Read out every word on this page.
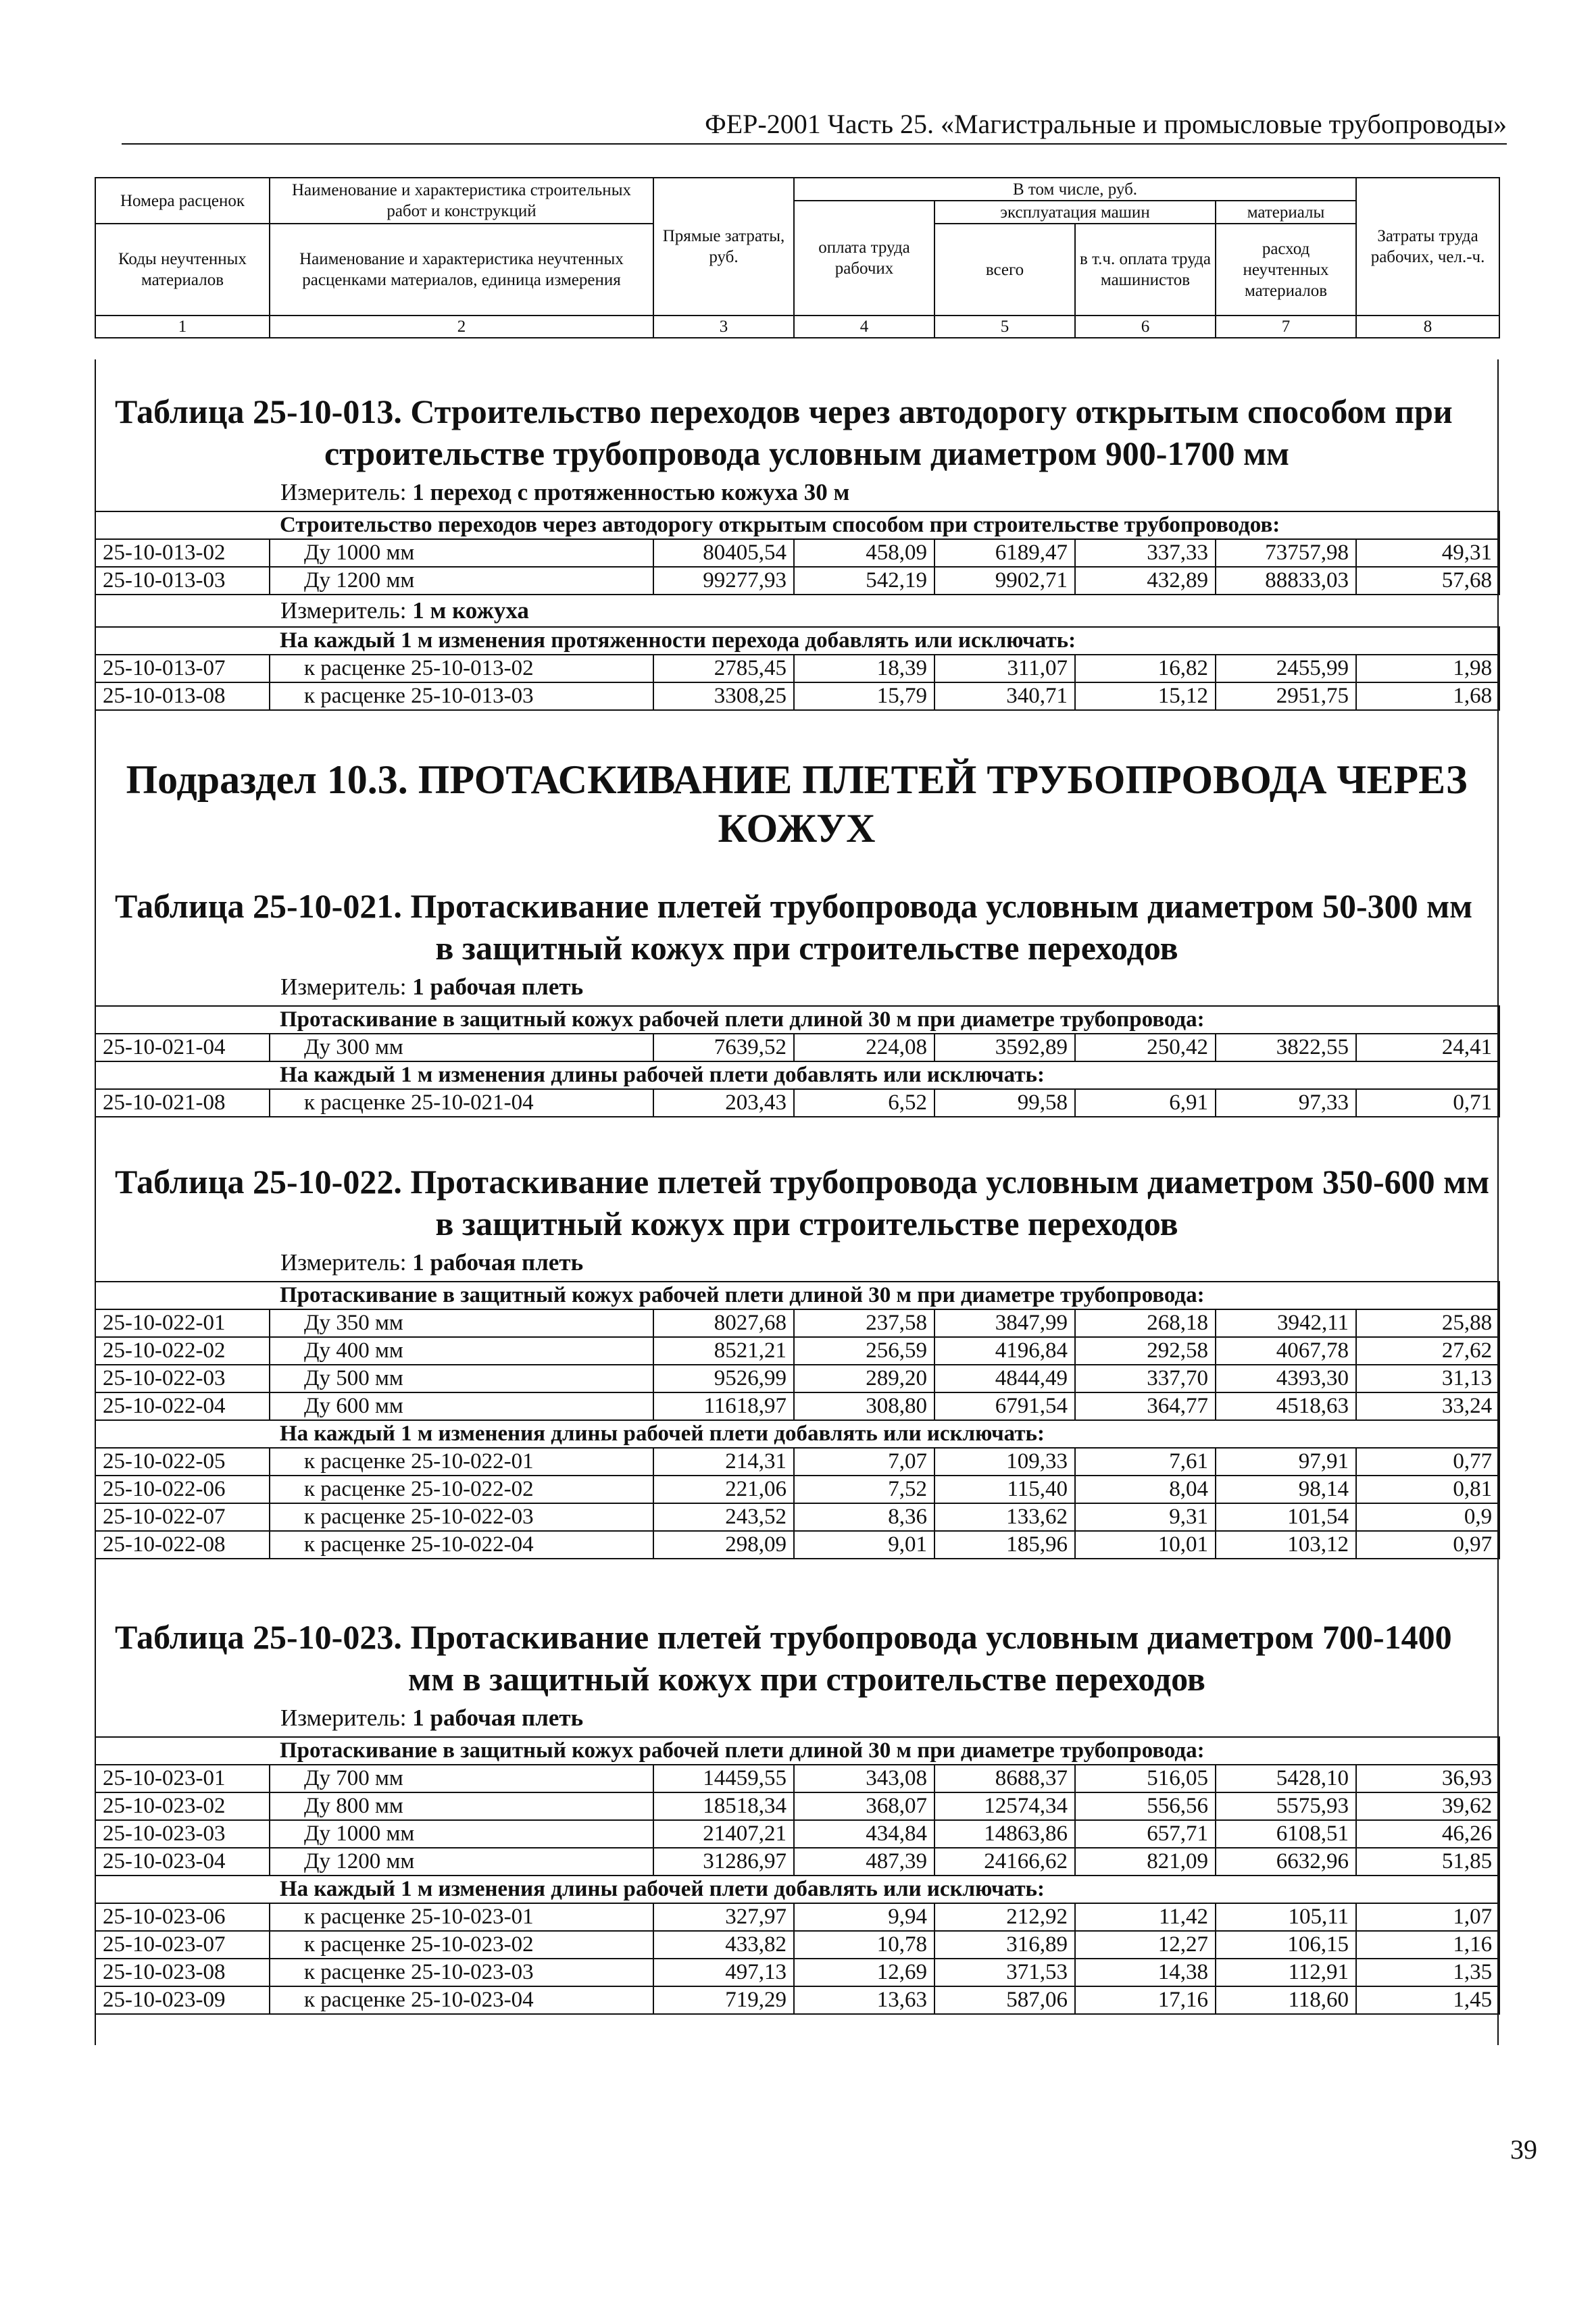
ФЕР-2001 Часть 25. «Магистральные и промысловые трубопроводы»
Номера расценок	Наименование и характеристика строительных работ и конструкций	Прямые затраты, руб.	В том числе, руб.				Затраты труда рабочих, чел.-ч.
			оплата труда рабочих	эксплуатация машин		материалы	
Коды неучтенных материалов	Наименование и характеристика неучтенных расценками материалов, единица измерения			всего	в т.ч. оплата труда машинистов	расход неучтенных материалов	

1	2	3	4	5	6	7	8
Таблица 25-10-013. Строительство переходов через автодорогу открытым способом при
строительстве трубопровода условным диаметром 900-1700 мм
Измеритель: 1 переход с протяженностью кожуха 30 м
Строительство переходов через автодорогу открытым способом при строительстве трубопроводов:							
25-10-013-02	Ду 1000 мм	80405,54	458,09	6189,47	337,33	73757,98	49,31
25-10-013-03	Ду 1200 мм	99277,93	542,19	9902,71	432,89	88833,03	57,68
Измеритель: 1 м кожуха
На каждый 1 м изменения протяженности перехода добавлять или исключать:							
25-10-013-07	к расценке 25-10-013-02	2785,45	18,39	311,07	16,82	2455,99	1,98
25-10-013-08	к расценке 25-10-013-03	3308,25	15,79	340,71	15,12	2951,75	1,68
Подраздел 10.3. ПРОТАСКИВАНИЕ ПЛЕТЕЙ ТРУБОПРОВОДА ЧЕРЕЗ КОЖУХ
Таблица 25-10-021. Протаскивание плетей трубопровода условным диаметром 50-300 мм
в защитный кожух при строительстве переходов
Измеритель: 1 рабочая плеть
Протаскивание в защитный кожух рабочей плети длиной 30 м при диаметре трубопровода:							
25-10-021-04	Ду 300 мм	7639,52	224,08	3592,89	250,42	3822,55	24,41
На каждый 1 м изменения длины рабочей плети добавлять или исключать:							
25-10-021-08	к расценке 25-10-021-04	203,43	6,52	99,58	6,91	97,33	0,71
Таблица 25-10-022. Протаскивание плетей трубопровода условным диаметром 350-600 мм
в защитный кожух при строительстве переходов
Измеритель: 1 рабочая плеть
Протаскивание в защитный кожух рабочей плети длиной 30 м при диаметре трубопровода:							
25-10-022-01	Ду 350 мм	8027,68	237,58	3847,99	268,18	3942,11	25,88
25-10-022-02	Ду 400 мм	8521,21	256,59	4196,84	292,58	4067,78	27,62
25-10-022-03	Ду 500 мм	9526,99	289,20	4844,49	337,70	4393,30	31,13
25-10-022-04	Ду 600 мм	11618,97	308,80	6791,54	364,77	4518,63	33,24
На каждый 1 м изменения длины рабочей плети добавлять или исключать:							
25-10-022-05	к расценке 25-10-022-01	214,31	7,07	109,33	7,61	97,91	0,77
25-10-022-06	к расценке 25-10-022-02	221,06	7,52	115,40	8,04	98,14	0,81
25-10-022-07	к расценке 25-10-022-03	243,52	8,36	133,62	9,31	101,54	0,9
25-10-022-08	к расценке 25-10-022-04	298,09	9,01	185,96	10,01	103,12	0,97
Таблица 25-10-023. Протаскивание плетей трубопровода условным диаметром 700-1400
мм в защитный кожух при строительстве переходов
Измеритель: 1 рабочая плеть
Протаскивание в защитный кожух рабочей плети длиной 30 м при диаметре трубопровода:							
25-10-023-01	Ду 700 мм	14459,55	343,08	8688,37	516,05	5428,10	36,93
25-10-023-02	Ду 800 мм	18518,34	368,07	12574,34	556,56	5575,93	39,62
25-10-023-03	Ду 1000 мм	21407,21	434,84	14863,86	657,71	6108,51	46,26
25-10-023-04	Ду 1200 мм	31286,97	487,39	24166,62	821,09	6632,96	51,85
На каждый 1 м изменения длины рабочей плети добавлять или исключать:							
25-10-023-06	к расценке 25-10-023-01	327,97	9,94	212,92	11,42	105,11	1,07
25-10-023-07	к расценке 25-10-023-02	433,82	10,78	316,89	12,27	106,15	1,16
25-10-023-08	к расценке 25-10-023-03	497,13	12,69	371,53	14,38	112,91	1,35
25-10-023-09	к расценке 25-10-023-04	719,29	13,63	587,06	17,16	118,60	1,45
39
